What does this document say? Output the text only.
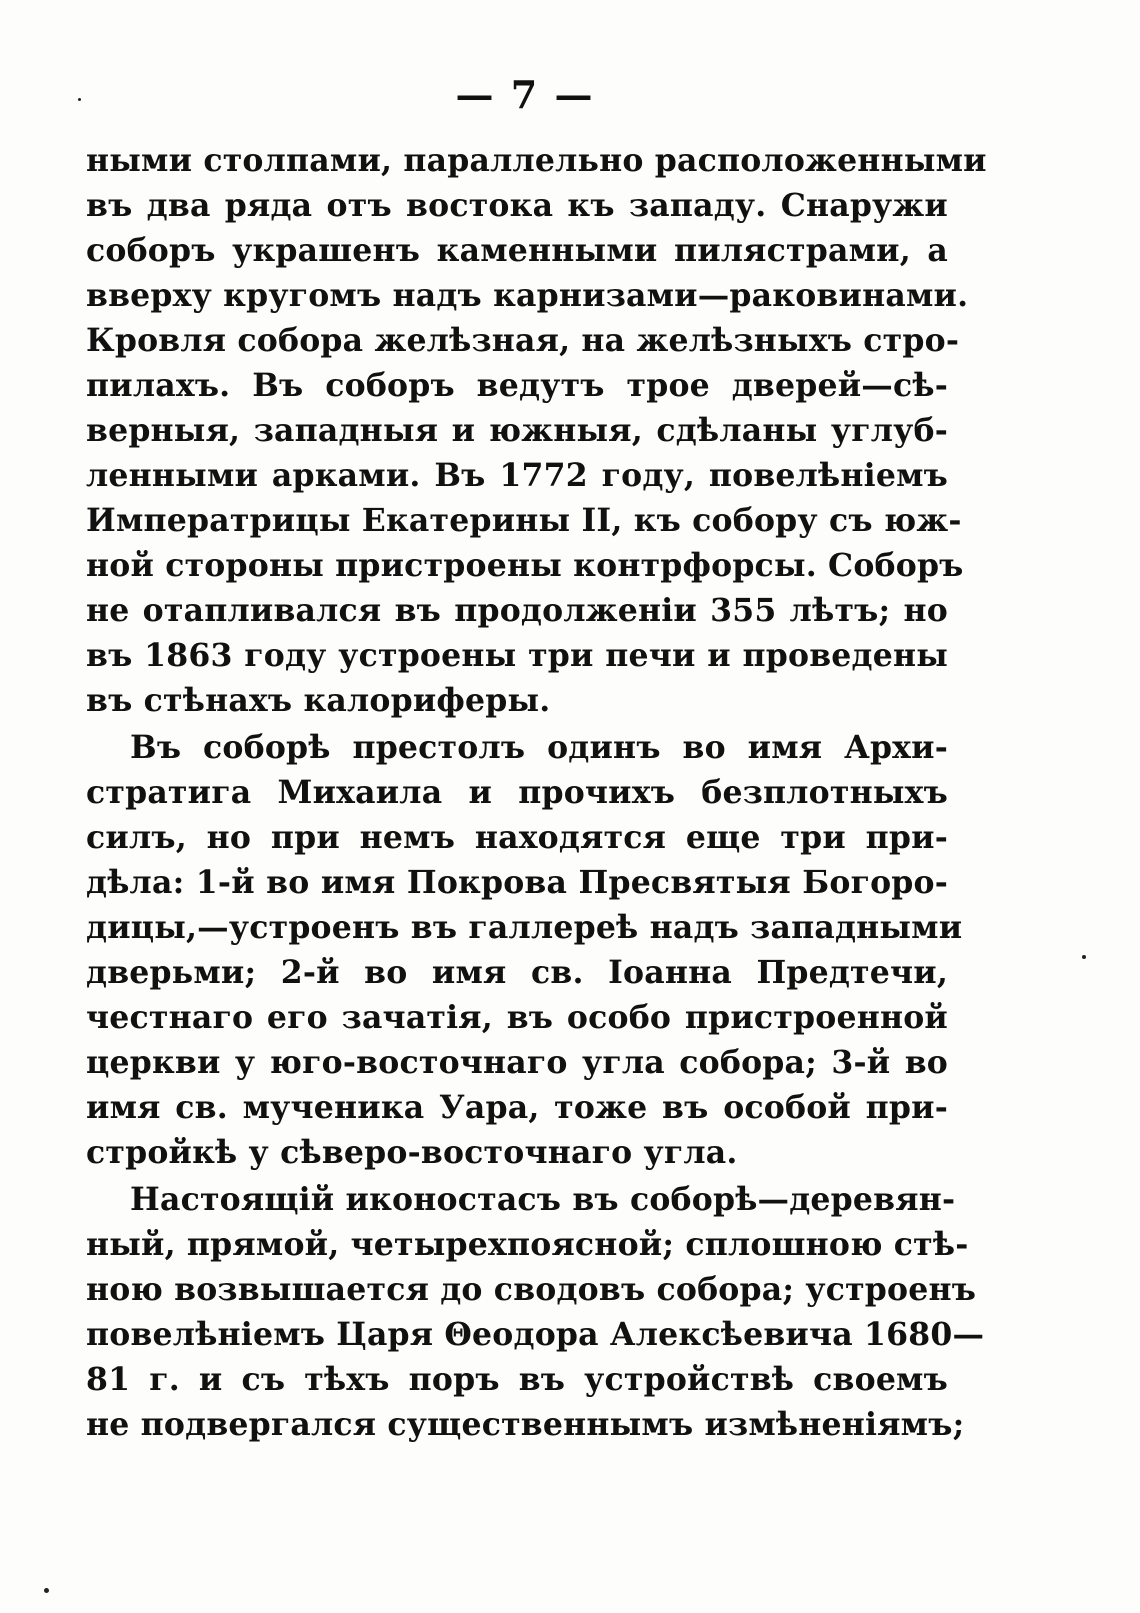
— 7 —
ными столпами, параллельно расположенными
въ два ряда отъ востока къ западу. Снаружи
соборъ украшенъ каменными пилястрами, а
вверху кругомъ надъ карнизами—раковинами.
Кровля собора желѣзная, на желѣзныхъ стро-
пилахъ. Въ соборъ ведутъ трое дверей—сѣ-
верныя, западныя и южныя, сдѣланы углуб-
ленными арками. Въ 1772 году, повелѣніемъ
Императрицы Екатерины II, къ собору съ юж-
ной стороны пристроены контрфорсы. Соборъ
не отапливался въ продолженіи 355 лѣтъ; но
въ 1863 году устроены три печи и проведены
въ стѣнахъ калориферы.
Въ соборѣ престолъ одинъ во имя Архи-
стратига Михаила и прочихъ безплотныхъ
силъ, но при немъ находятся еще три при-
дѣла: 1-й во имя Покрова Пресвятыя Богоро-
дицы,—устроенъ въ галлереѣ надъ западными
дверьми; 2-й во имя св. Іоанна Предтечи,
честнаго его зачатія, въ особо пристроенной
церкви у юго-восточнаго угла собора; 3-й во
имя св. мученика Уара, тоже въ особой при-
стройкѣ у сѣверо-восточнаго угла.
Настоящій иконостасъ въ соборѣ—деревян-
ный, прямой, четырехпоясной; сплошною стѣ-
ною возвышается до сводовъ собора; устроенъ
повелѣніемъ Царя Θеодора Алексѣевича 1680—
81 г. и съ тѣхъ поръ въ устройствѣ своемъ
не подвергался существеннымъ измѣненіямъ;
